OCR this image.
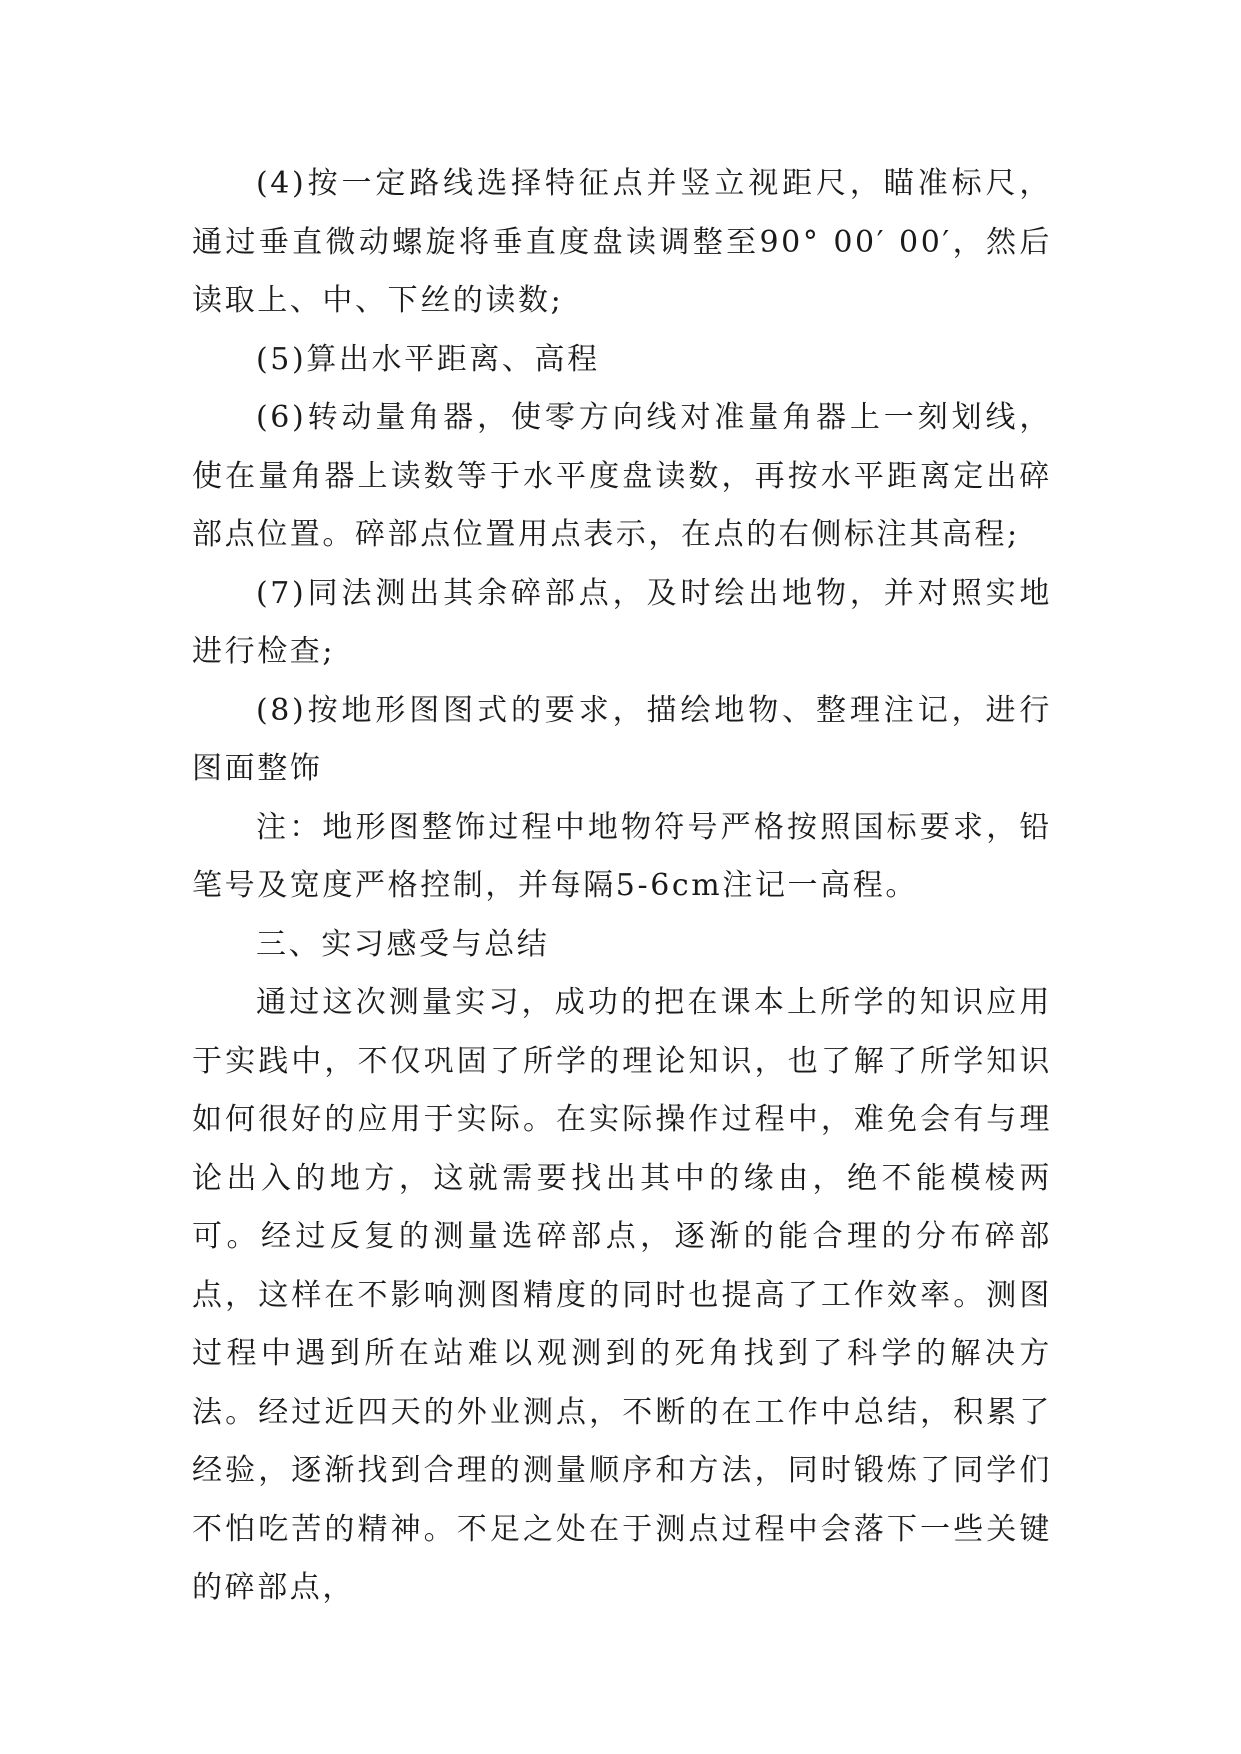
(4)按一定路线选择特征点并竖立视距尺，瞄准标尺，通过垂直微动螺旋将垂直度盘读调整至90° 00′ 00′，然后读取上、中、下丝的读数;

(5)算出水平距离、高程

(6)转动量角器，使零方向线对准量角器上一刻划线，使在量角器上读数等于水平度盘读数，再按水平距离定出碎部点位置。碎部点位置用点表示，在点的右侧标注其高程;

(7)同法测出其余碎部点，及时绘出地物，并对照实地进行检查;

(8)按地形图图式的要求，描绘地物、整理注记，进行图面整饰

注：地形图整饰过程中地物符号严格按照国标要求，铅笔号及宽度严格控制，并每隔5-6cm注记一高程。

三、实习感受与总结

通过这次测量实习，成功的把在课本上所学的知识应用于实践中，不仅巩固了所学的理论知识，也了解了所学知识如何很好的应用于实际。在实际操作过程中，难免会有与理论出入的地方，这就需要找出其中的缘由，绝不能模棱两可。经过反复的测量选碎部点，逐渐的能合理的分布碎部点，这样在不影响测图精度的同时也提高了工作效率。测图过程中遇到所在站难以观测到的死角找到了科学的解决方法。经过近四天的外业测点，不断的在工作中总结，积累了经验，逐渐找到合理的测量顺序和方法，同时锻炼了同学们不怕吃苦的精神。不足之处在于测点过程中会落下一些关键的碎部点，
